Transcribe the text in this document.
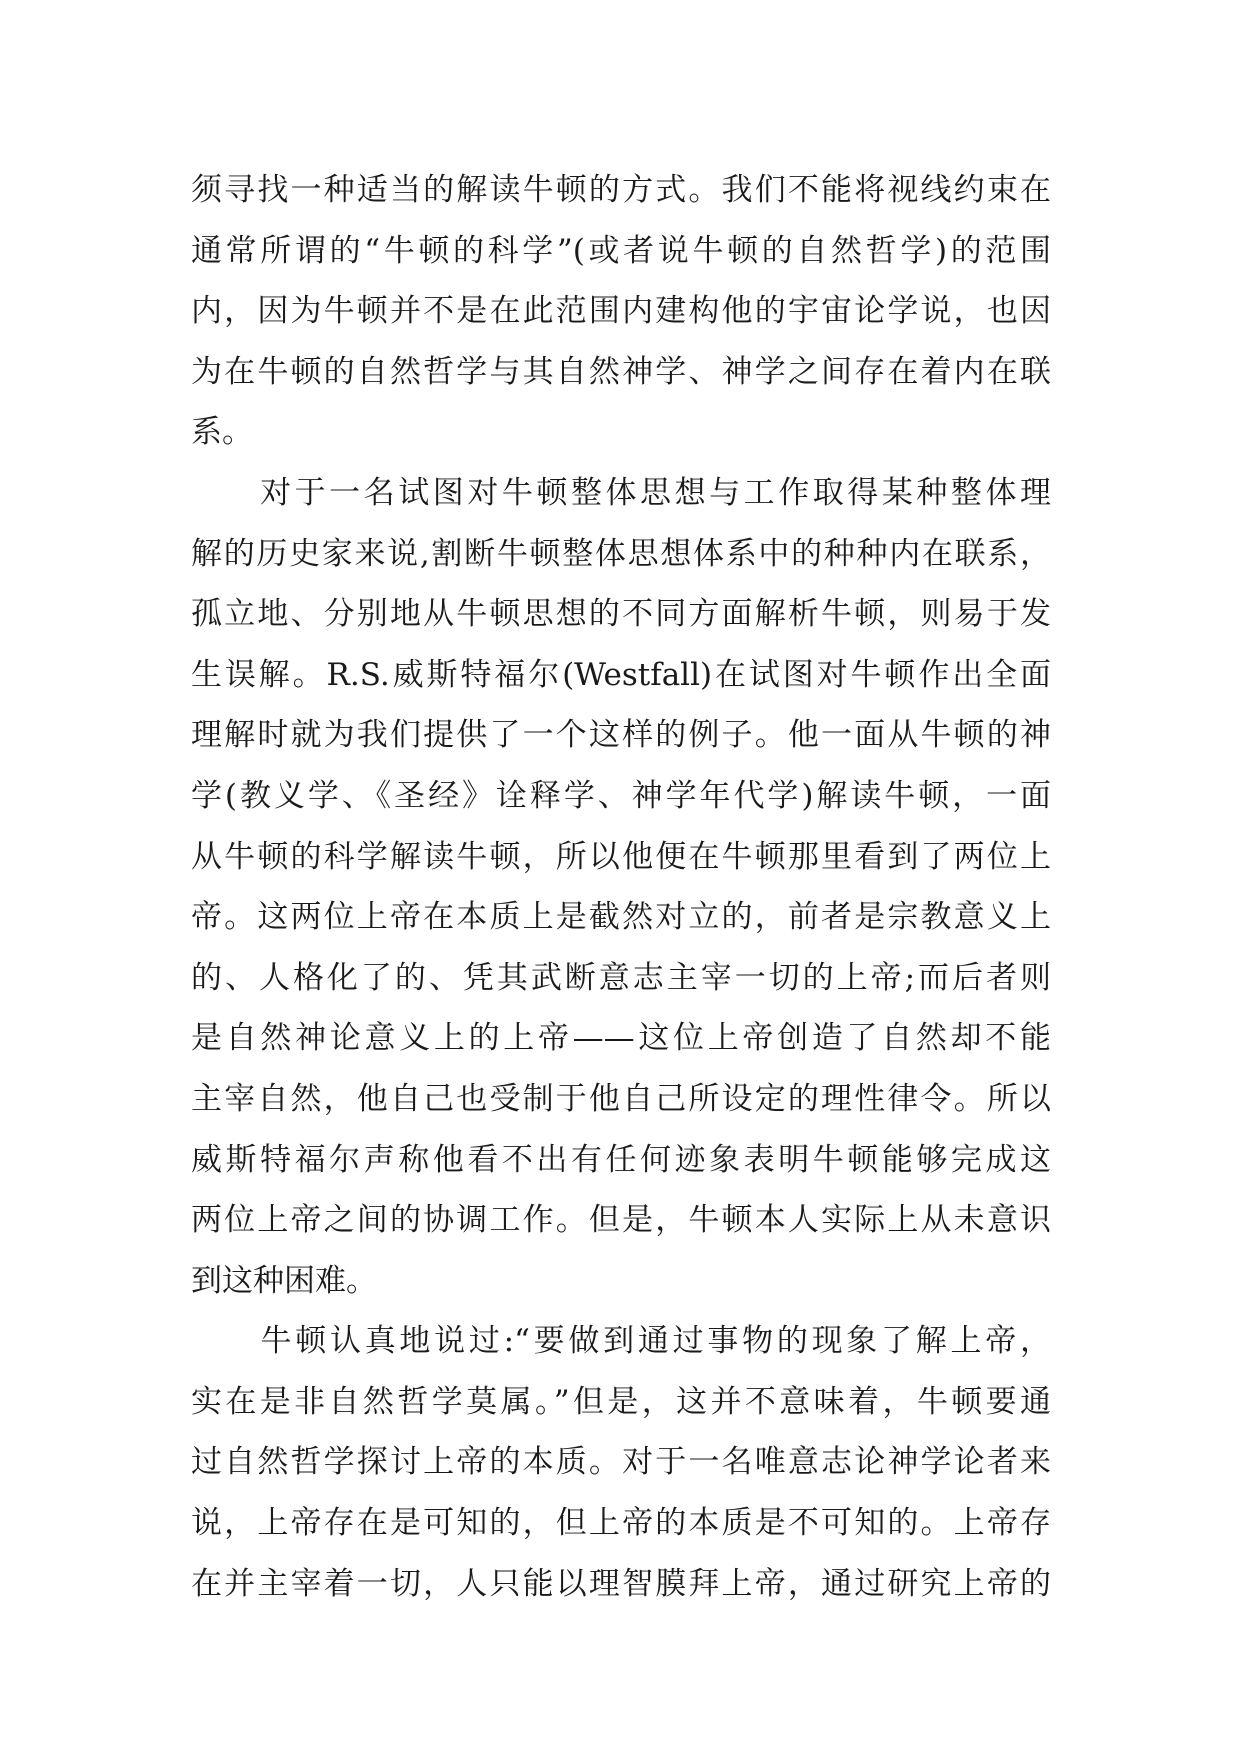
须寻找一种适当的解读牛顿的方式。我们不能将视线约束在
通常所谓的“牛顿的科学”(或者说牛顿的自然哲学)的范围
内，因为牛顿并不是在此范围内建构他的宇宙论学说，也因
为在牛顿的自然哲学与其自然神学、神学之间存在着内在联
系。
　　对于一名试图对牛顿整体思想与工作取得某种整体理
解的历史家来说,割断牛顿整体思想体系中的种种内在联系，
孤立地、分别地从牛顿思想的不同方面解析牛顿，则易于发
生误解。R.S.威斯特福尔(Westfall)在试图对牛顿作出全面
理解时就为我们提供了一个这样的例子。他一面从牛顿的神
学(教义学、《圣经》诠释学、神学年代学)解读牛顿，一面
从牛顿的科学解读牛顿，所以他便在牛顿那里看到了两位上
帝。这两位上帝在本质上是截然对立的，前者是宗教意义上
的、人格化了的、凭其武断意志主宰一切的上帝;而后者则
是自然神论意义上的上帝——这位上帝创造了自然却不能
主宰自然，他自己也受制于他自己所设定的理性律令。所以
威斯特福尔声称他看不出有任何迹象表明牛顿能够完成这
两位上帝之间的协调工作。但是，牛顿本人实际上从未意识
到这种困难。
　　牛顿认真地说过:“要做到通过事物的现象了解上帝，
实在是非自然哲学莫属。”但是，这并不意味着，牛顿要通
过自然哲学探讨上帝的本质。对于一名唯意志论神学论者来
说，上帝存在是可知的，但上帝的本质是不可知的。上帝存
在并主宰着一切，人只能以理智膜拜上帝，通过研究上帝的
